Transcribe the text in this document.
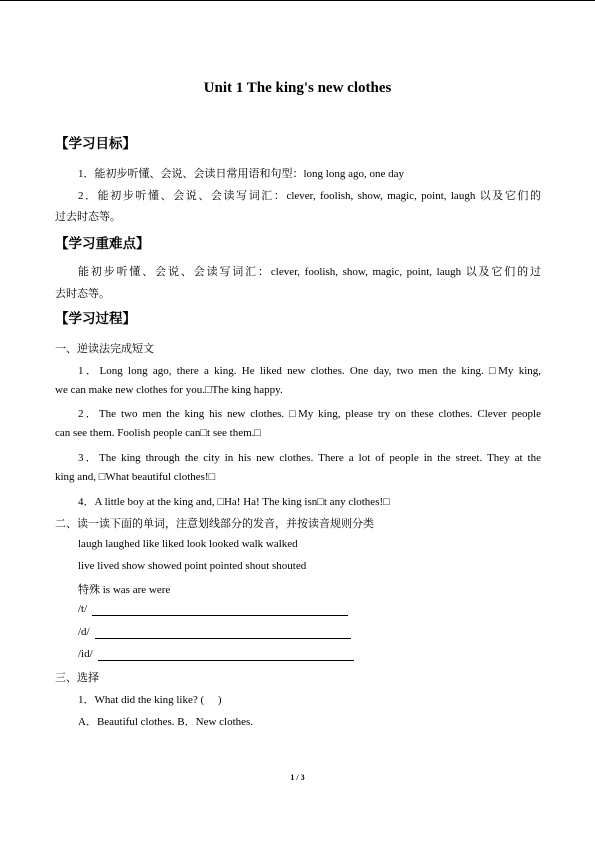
Unit 1 The king's new clothes
【学习目标】
1．能初步听懂、会说、会读日常用语和句型：long long ago, one day
2．能初步听懂、会说、会读写词汇：clever, foolish, show, magic, point, laugh 以及它们的
过去时态等。
【学习重难点】
能初步听懂、会说、会读写词汇：clever, foolish, show, magic, point, laugh 以及它们的过
去时态等。
【学习过程】
一、逆读法完成短文
1．Long long ago, there a king. He liked new clothes. One day, two men the king. □My king,
we can make new clothes for you.□The king happy.
2．The two men the king his new clothes. □My king, please try on these clothes. Clever people
can see them. Foolish people can□t see them.□
3．The king through the city in his new clothes. There a lot of people in the street. They at the
king and, □What beautiful clothes!□
4．A little boy at the king and, □Ha! Ha! The king isn□t any clothes!□
二、读一读下面的单词，注意划线部分的发音，并按读音规则分类
laugh laughed like liked look looked walk walked
live lived show showed point pointed shout shouted
特殊 is was are were
/t/
/d/
/id/
三、选择
1．What did the king like? (　 )
A．Beautiful clothes. B．New clothes.
1 / 3
